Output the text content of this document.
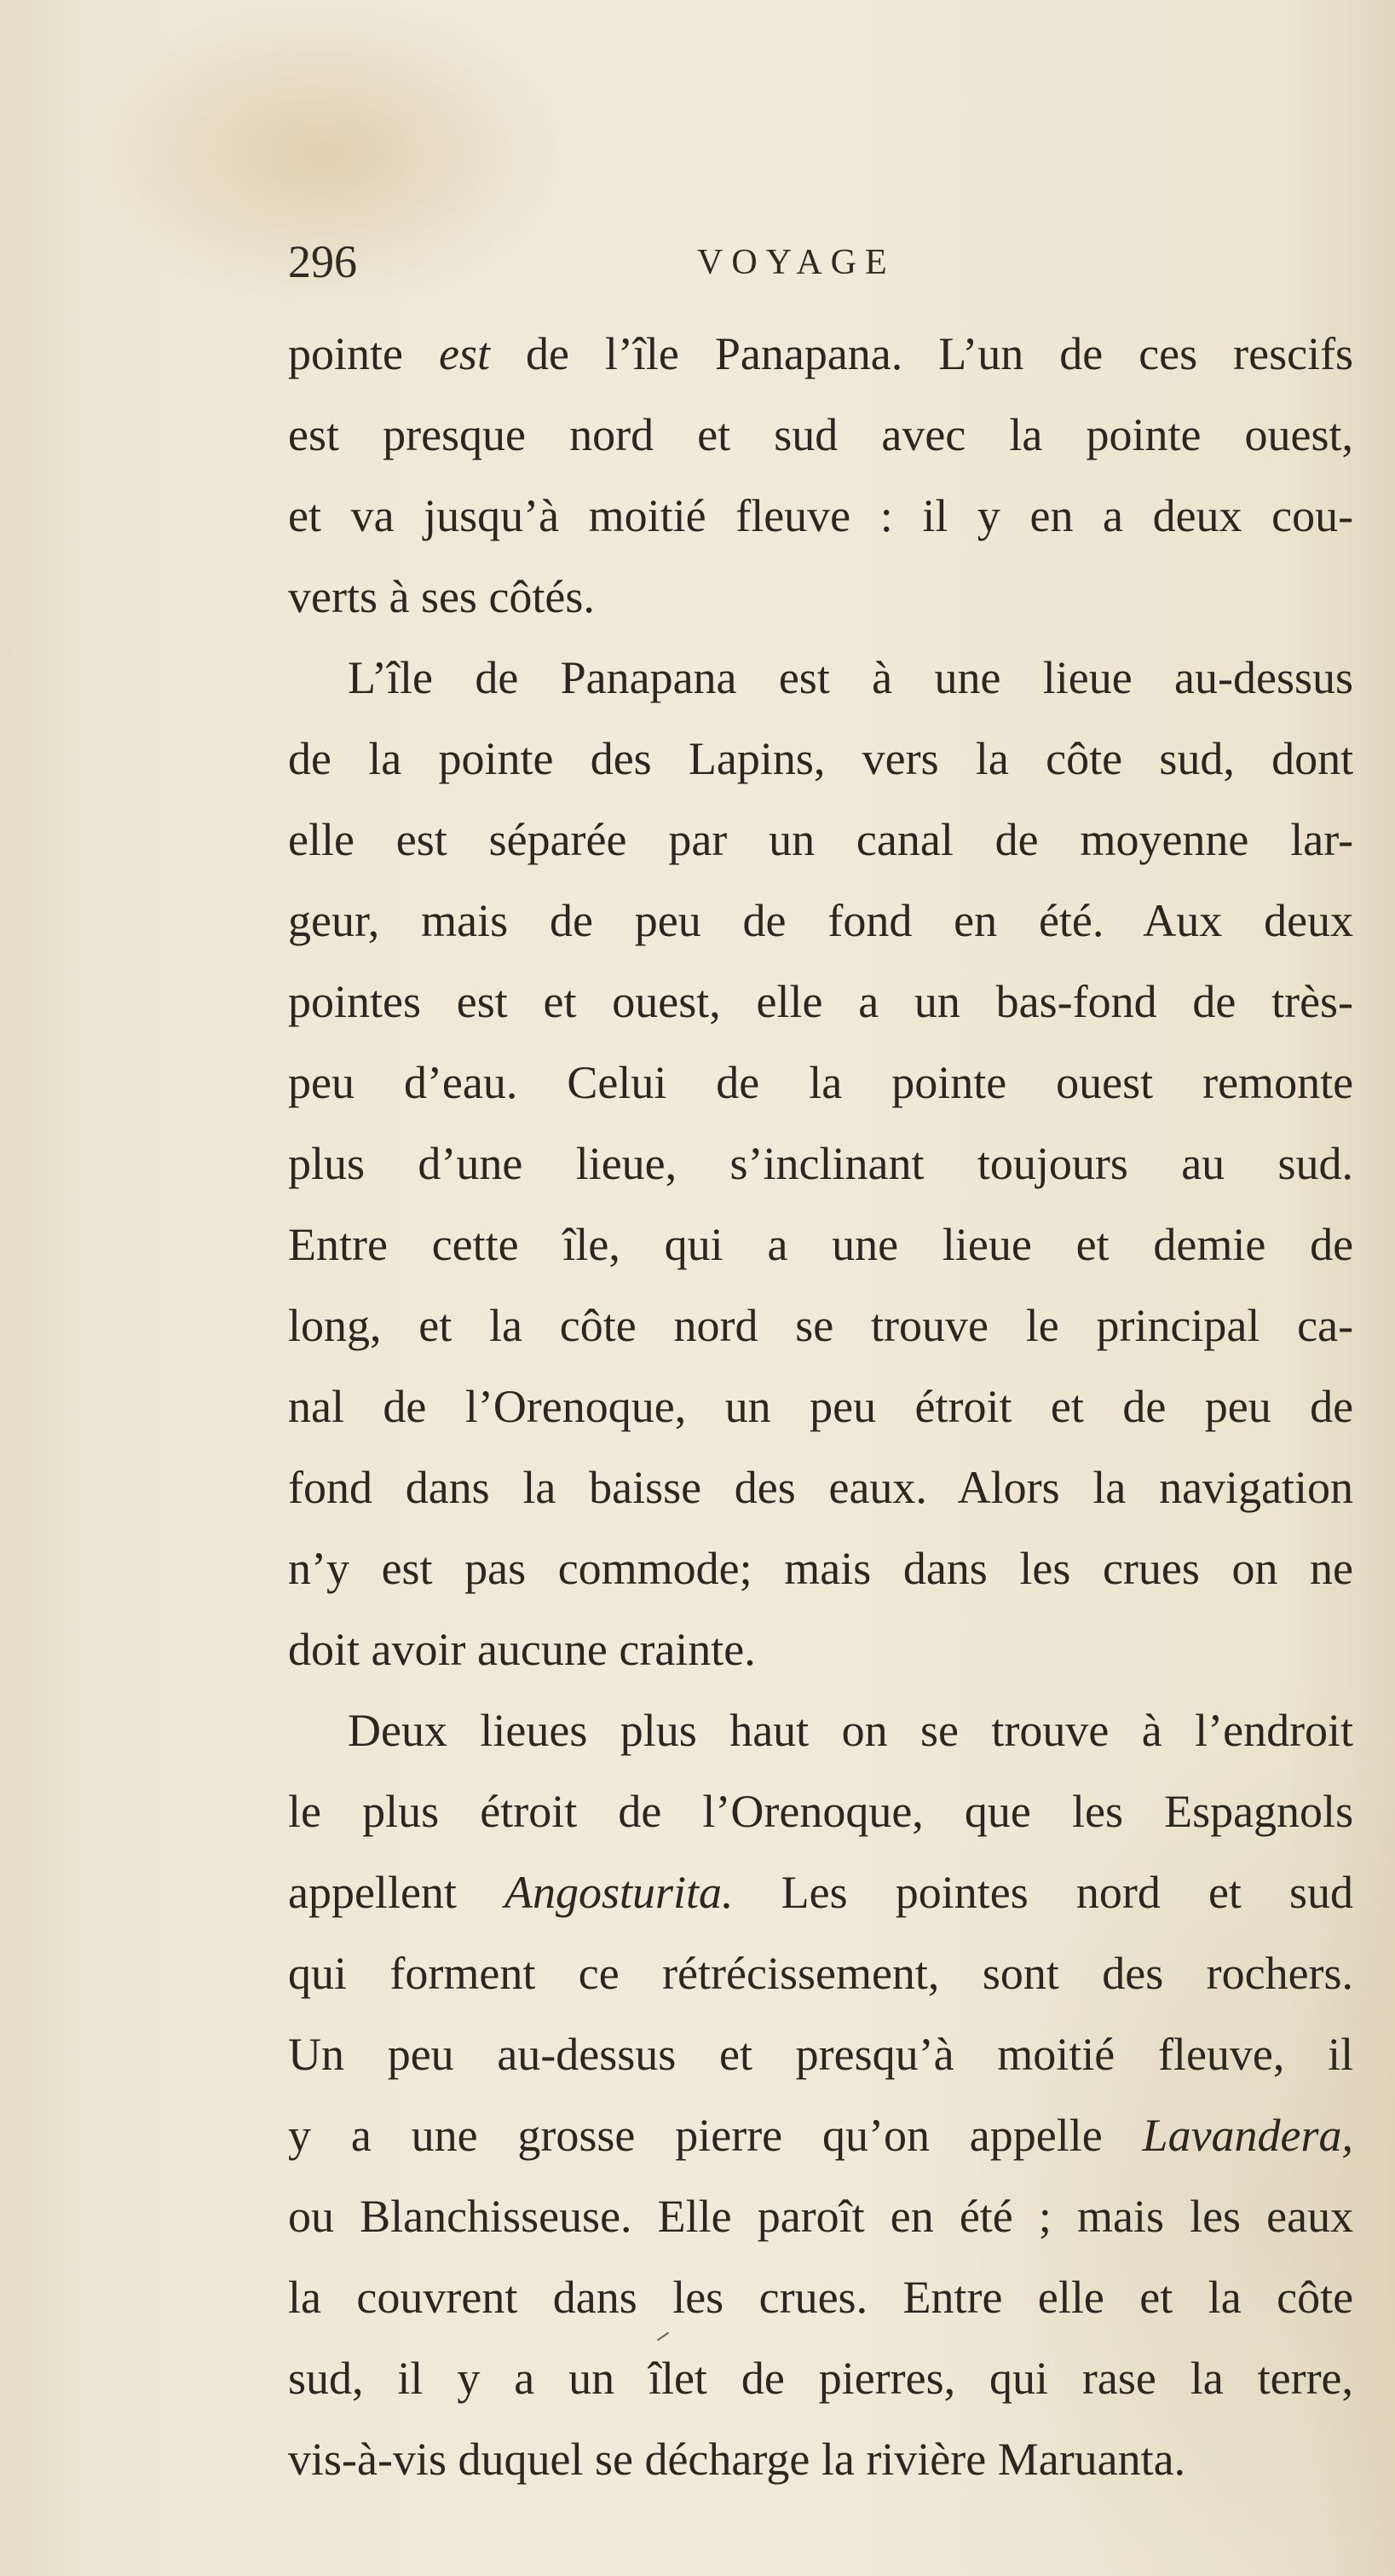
296	VOYAGE
pointe est de l’île Panapana. L’un de ces rescifs
est presque nord et sud avec la pointe ouest,
et va jusqu’à moitié fleuve : il y en a deux cou-
verts à ses côtés.
L’île de Panapana est à une lieue au-dessus
de la pointe des Lapins, vers la côte sud, dont
elle est séparée par un canal de moyenne lar-
geur, mais de peu de fond en été. Aux deux
pointes est et ouest, elle a un bas-fond de très-
peu d’eau. Celui de la pointe ouest remonte
plus d’une lieue, s’inclinant toujours au sud.
Entre cette île, qui a une lieue et demie de
long, et la côte nord se trouve le principal ca-
nal de l’Orenoque, un peu étroit et de peu de
fond dans la baisse des eaux. Alors la navigation
n’y est pas commode; mais dans les crues on ne
doit avoir aucune crainte.
Deux lieues plus haut on se trouve à l’endroit
le plus étroit de l’Orenoque, que les Espagnols
appellent Angosturita. Les pointes nord et sud
qui forment ce rétrécissement, sont des rochers.
Un peu au-dessus et presqu’à moitié fleuve, il
y a une grosse pierre qu’on appelle Lavandera,
ou Blanchisseuse. Elle paroît en été ; mais les eaux
la couvrent dans les crues. Entre elle et la côte
sud, il y a un îlet de pierres, qui rase la terre,
vis-à-vis duquel se décharge la rivière Maruanta.
